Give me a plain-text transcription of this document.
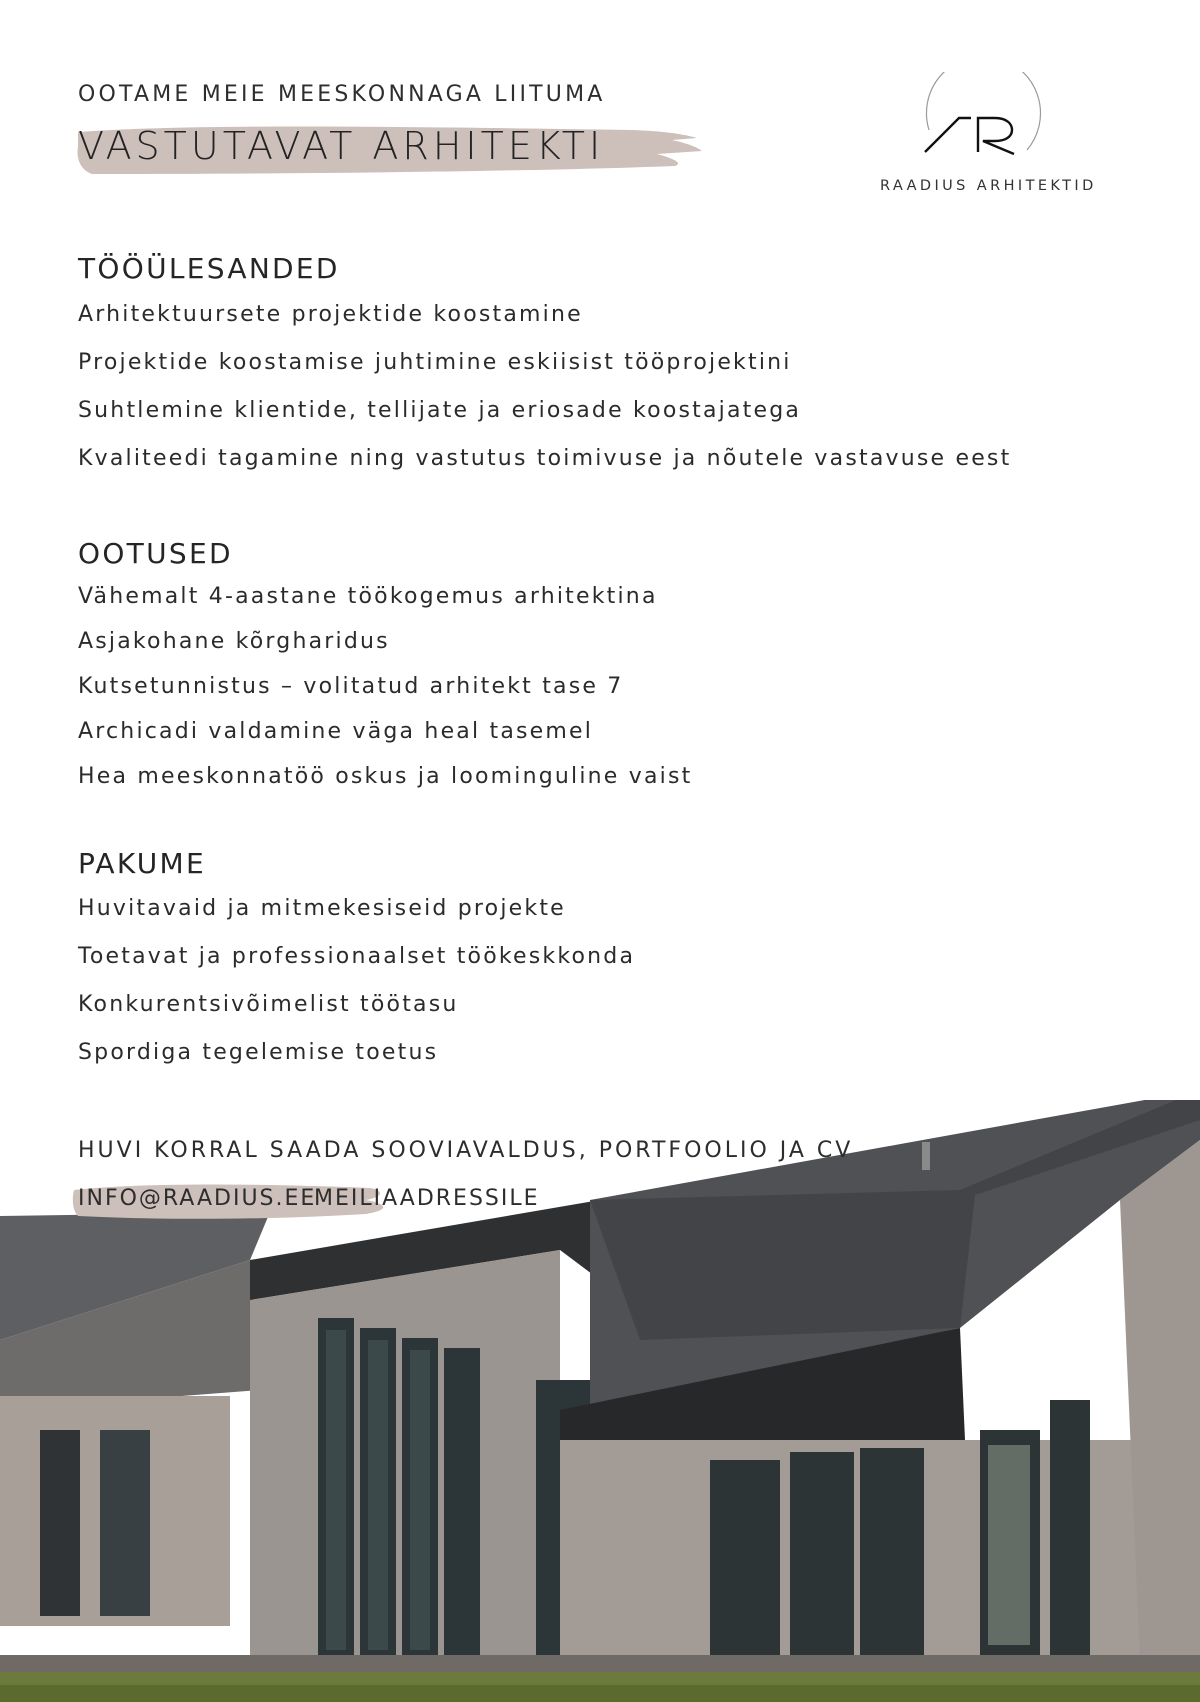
OOTAME MEIE MEESKONNAGA LIITUMA
VASTUTAVAT ARHITEKTI
RAADIUS ARHITEKTID
TÖÖÜLESANDED
Arhitektuursete projektide koostamine
Projektide koostamise juhtimine eskiisist tööprojektini
Suhtlemine klientide, tellijate ja eriosade koostajatega
Kvaliteedi tagamine ning vastutus toimivuse ja nõutele vastavuse eest
OOTUSED
Vähemalt 4-aastane töökogemus arhitektina
Asjakohane kõrgharidus
Kutsetunnistus – volitatud arhitekt tase 7
Archicadi valdamine väga heal tasemel
Hea meeskonnatöö oskus ja loominguline vaist
PAKUME
Huvitavaid ja mitmekesiseid projekte
Toetavat ja professionaalset töökeskkonda
Konkurentsivõimelist töötasu
Spordiga tegelemise toetus
HUVI KORRAL SAADA SOOVIAVALDUS, PORTFOOLIO JA CV
INFO@RAADIUS.EE
MEILIAADRESSILE
